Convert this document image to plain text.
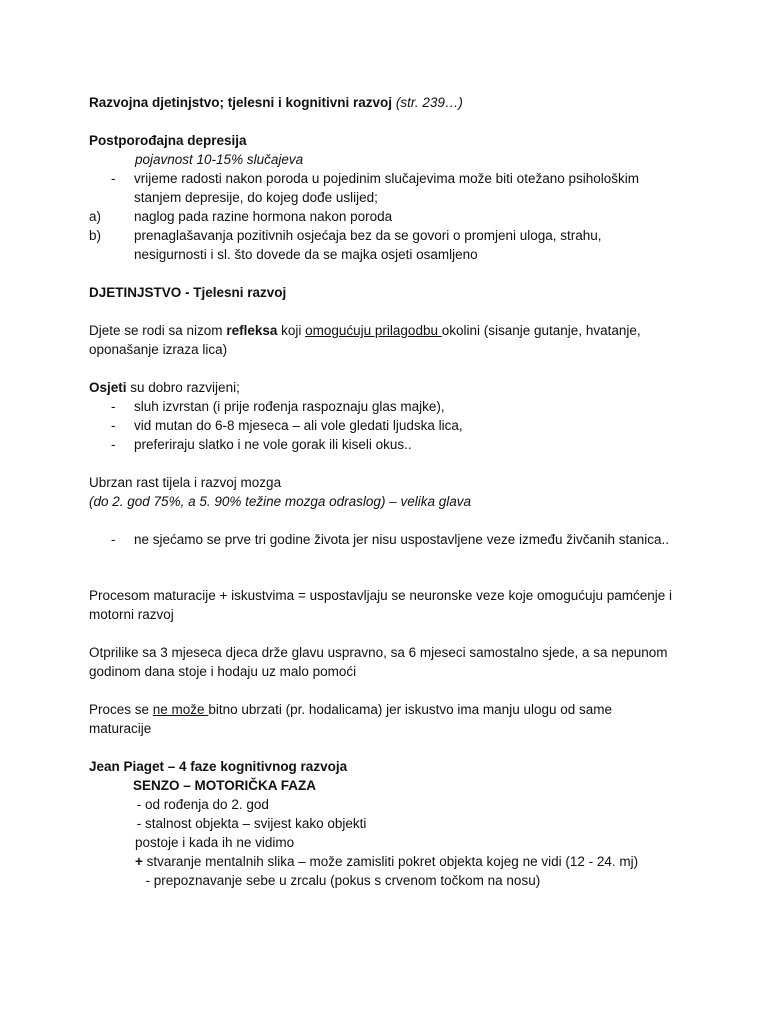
Razvojna djetinjstvo; tjelesni i kognitivni razvoj (str. 239…)
Postporođajna depresija
pojavnost 10-15% slučajeva
- vrijeme radosti nakon poroda u pojedinim slučajevima može biti otežano psihološkim
stanjem depresije, do kojeg dođe uslijed;
a) naglog pada razine hormona nakon poroda
b) prenaglašavanja pozitivnih osjećaja bez da se govori o promjeni uloga, strahu,
nesigurnosti i sl. što dovede da se majka osjeti osamljeno
DJETINJSTVO - Tjelesni razvoj
Djete se rodi sa nizom refleksa koji omogućuju prilagodbu okolini (sisanje gutanje, hvatanje,
oponašanje izraza lica)
Osjeti su dobro razvijeni;
- sluh izvrstan (i prije rođenja raspoznaju glas majke),
- vid mutan do 6-8 mjeseca – ali vole gledati ljudska lica,
- preferiraju slatko i ne vole gorak ili kiseli okus..
Ubrzan rast tijela i razvoj mozga
(do 2. god 75%, a 5. 90% težine mozga odraslog) – velika glava
- ne sjećamo se prve tri godine života jer nisu uspostavljene veze između živčanih stanica..
Procesom maturacije + iskustvima = uspostavljaju se neuronske veze koje omogućuju pamćenje i
motorni razvoj
Otprilike sa 3 mjeseca djeca drže glavu uspravno, sa 6 mjeseci samostalno sjede, a sa nepunom
godinom dana stoje i hodaju uz malo pomoći
Proces se ne može bitno ubrzati (pr. hodalicama) jer iskustvo ima manju ulogu od same
maturacije
Jean Piaget – 4 faze kognitivnog razvoja
SENZO – MOTORIČKA FAZA
- od rođenja do 2. god
- stalnost objekta – svijest kako objekti
postoje i kada ih ne vidimo
+ stvaranje mentalnih slika – može zamisliti pokret objekta kojeg ne vidi (12 - 24. mj)
- prepoznavanje sebe u zrcalu (pokus s crvenom točkom na nosu)
